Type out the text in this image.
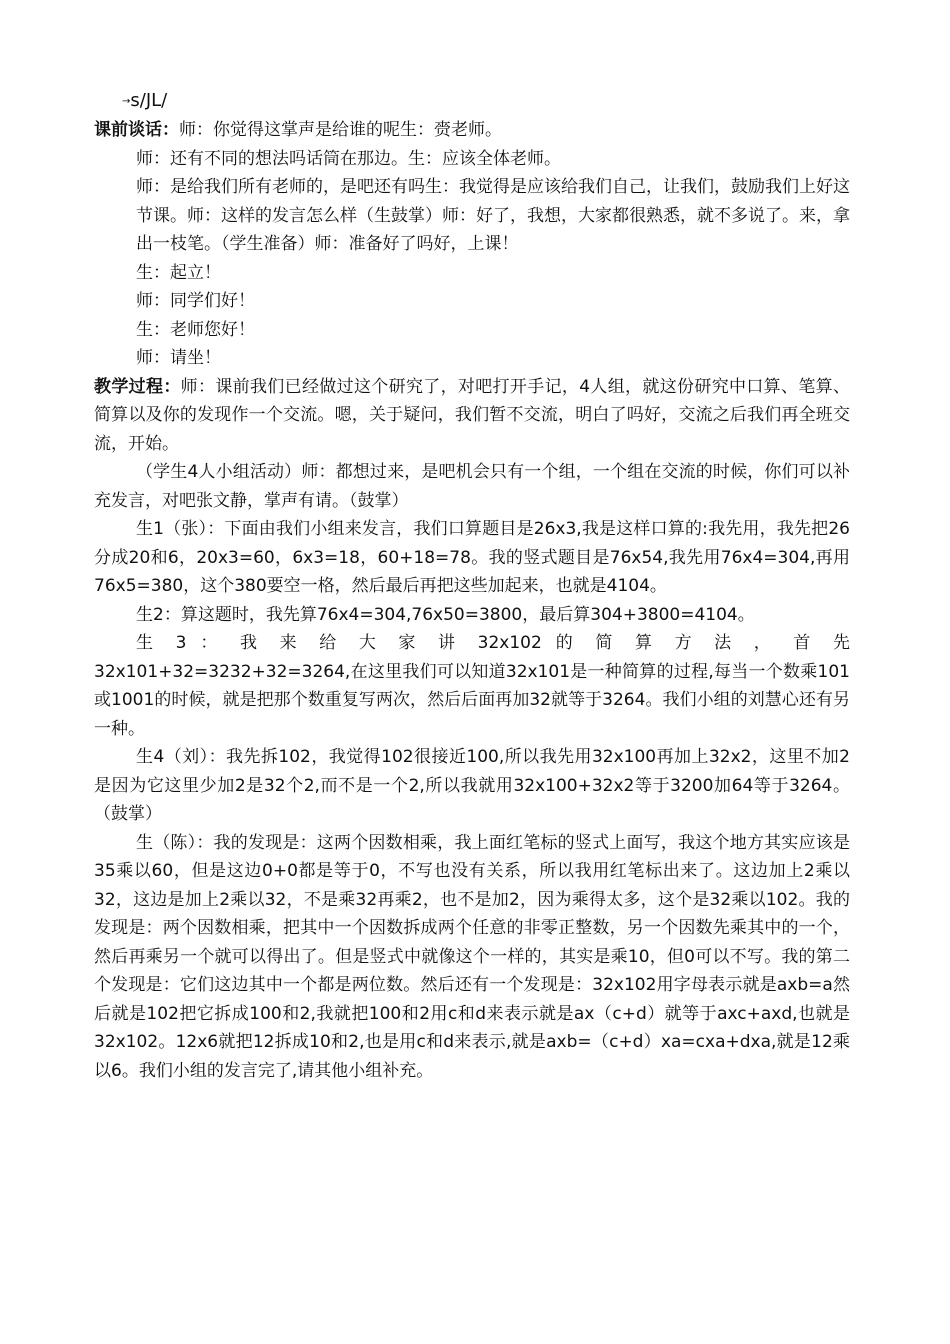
→s/JL/

课前谈话：师：你觉得这掌声是给谁的呢生：赍老师。

师：还有不同的想法吗话筒在那边。生：应该全体老师。

师：是给我们所有老师的，是吧还有吗生：我觉得是应该给我们自己，让我们，鼓励我们上好这节课。师：这样的发言怎么样（生鼓掌）师：好了，我想，大家都很熟悉，就不多说了。来，拿出一枝笔。（学生准备）师：准备好了吗好，上课！

生：起立！

师：同学们好！

生：老师您好！

师：请坐！

教学过程：师：课前我们已经做过这个研究了，对吧打开手记，4人组，就这份研究中口算、笔算、简算以及你的发现作一个交流。嗯，关于疑问，我们暂不交流，明白了吗好，交流之后我们再全班交流，开始。

（学生4人小组活动）师：都想过来，是吧机会只有一个组，一个组在交流的时候，你们可以补充发言，对吧张文静，掌声有请。（鼓掌）

生1（张）：下面由我们小组来发言，我们口算题目是26x3,我是这样口算的:我先用，我先把26分成20和6，20x3=60，6x3=18，60+18=78。我的竖式题目是76x54,我先用76x4=304,再用76x5=380，这个380要空一格，然后最后再把这些加起来，也就是4104。

生2：算这题时，我先算76x4=304,76x50=3800，最后算304+3800=4104。

生 3 ： 我 来 给 大 家 讲 32x102 的 简 算 方 法 ， 首 先

32x101+32=3232+32=3264,在这里我们可以知道32x101是一种简算的过程,每当一个数乘101或1001的时候，就是把那个数重复写两次，然后后面再加32就等于3264。我们小组的刘慧心还有另一种。

生4（刘）：我先拆102，我觉得102很接近100,所以我先用32x100再加上32x2，这里不加2是因为它这里少加2是32个2,而不是一个2,所以我就用32x100+32x2等于3200加64等于3264。（鼓掌）

生（陈）：我的发现是：这两个因数相乘，我上面红笔标的竖式上面写，我这个地方其实应该是35乘以60，但是这边0+0都是等于0，不写也没有关系，所以我用红笔标出来了。这边加上2乘以32，这边是加上2乘以32，不是乘32再乘2，也不是加2，因为乘得太多，这个是32乘以102。我的发现是：两个因数相乘，把其中一个因数拆成两个任意的非零正整数，另一个因数先乘其中的一个，然后再乘另一个就可以得出了。但是竖式中就像这个一样的，其实是乘10，但0可以不写。我的第二个发现是：它们这边其中一个都是两位数。然后还有一个发现是：32x102用字母表示就是axb=a然后就是102把它拆成100和2,我就把100和2用c和d来表示就是ax（c+d）就等于axc+axd,也就是32x102。12x6就把12拆成10和2,也是用c和d来表示,就是axb=（c+d）xa=cxa+dxa,就是12乘以6。我们小组的发言完了,请其他小组补充。
